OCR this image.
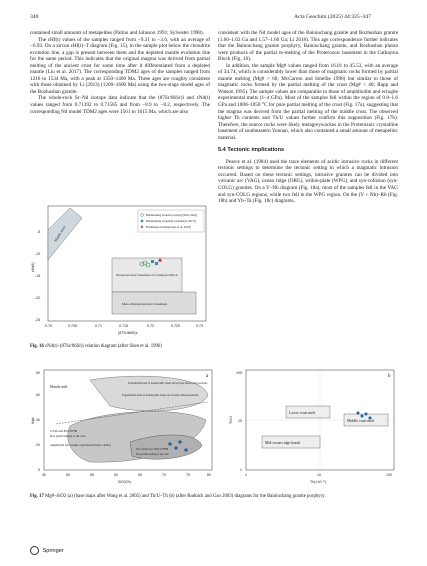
340	Acta Geochim (2025) 44:325–347

contained small amounts of metapelites (Patino and Johnson 1991; Sylvester 1998).

The εHf(t) values of the samples ranged from −9.31 to −3.6, with an average of −6.93. On a zircon εHf(t)–T diagram (Fig. 15), in the sample plot below the chondrite evolution line, a gap is present between them and the depleted mantle evolution line for the same period. This indicates that the original magma was derived from partial melting of the ancient crust for some time after it differentiated from a depleted mantle (Liu et al. 2017). The corresponding TDM2 ages of the samples ranged from 1216 to 1534 Ma, with a peak at 1350–1400 Ma. These ages are roughly consistent with those obtained by Li (2013) (1200–1600 Ma) using the two-stage model ages of the Bozhushan granite.

The whole-rock Sr–Nd isotope data indicate that the (87Sr/86Sr)i and εNd(t) values ranged from 0.71392 to 0.71585 and from −8.9 to −8.2, respectively. The corresponding Nd model TDM2 ages were 1561 to 1615 Ma, which are also

Mantle array
Neoproterozoic basement of Cathaysia Block
Meso-Paleoproterozoic basement
Bainiuchang Granite porphyry(This study)
Bainiuchang Granite(Li granite(Li 2017))
Bozhushan Granite(Chen et al. 2019)
-5
-10
-15
-20
-25
0.70	0.705	0.71	0.715	0.72	0.725	0.73
(87Sr/86Sr)i
εNd(t)
Fig. 16 εNd(t)–(87Sr/86Sr)i relation diagram (after Shen et al. 1996)

consistent with the Nd model ages of the Bainiuchang granite and Bozhushan granite (1.60–1.62 Ga and 1.57–1.66 Ga; Li 2018). This age correspondence further indicates that the Bainiuchang granite porphyry, Bainiuchang granite, and Bozhushan pluton were products of the partial re-melting of the Proterozoic basement in the Cathaysia Block (Fig. 16).

In addition, the sample Mg# values ranged from 16.01 to 45.53, with an average of 34.74, which is considerably lower than those of magmatic rocks formed by partial mantle melting (Mg# > 60; McCarron and Smellie 1998) but similar to those of magmatic rocks formed by the partial melting of the crust (Mg# < 40; Rapp and Watson 1995). The sample values are comparable to those of amphibolite and eclogite experimental melts (1–4 GPa). Most of the samples fell within the region of 0.8–1.6 GPa and 1000–1050 °C for pure partial melting of the crust (Fig. 17a), suggesting that the magma was derived from the partial melting of the middle crust. The observed higher Th contents and Th/U values further confirm this supposition (Fig. 17b). Therefore, the source rocks were likely metagreywackes in the Proterozoic crystalline basement of southeastern Yunnan, which also contained a small amount of metapelitic material.

5.4 Tectonic implications

Pearce et al. (1984) used the trace elements of acidic intrusive rocks in different tectonic settings to determine the tectonic setting in which a magmatic intrusion occurred. Based on these tectonic settings, intrusive granites can be divided into volcanic arc (VAG), ocean ridge (ORG), within-plate (WPG), and syn-collision (syn-COLG) granites. On a Y–Nb diagram (Fig. 18a), most of the samples fell in the VAG and syn-COLG regions, while two fell in the WPG region. On the (Y + Nb)–Rb (Fig. 18b) and Yb–Ta (Fig. 18c) diagrams,

a
Mantle melt
Experimental melt of metamorphic basalt and eclogite mixed with peridotite
Experimental melts of metamorphic basalt and eclogite without peridotite
0.7GPa and 825~950℃
Pure partial melting of the crust
Amphibolite and eclogite experimental melt(1~4GPa)
0.8~1.6GPa and 1000~1050℃
Pure partial melting of the crust
0
20
40
60
80
45	50	55	60	65	70	75	80
SiO2(%)
Mg#
Lower crust melt
Middle crust melt
Mid-ocean ridge basalt
b
1
10
100
1	10	100
Th(×10⁻⁶)
Th/U
Fig. 17 Mg#–SiO2 (a) (base maps after Wang et al. 2005) and Th/U–Th (b) (after Rudnick and Gao 2003) diagrams for the Bainiuchang granite porphyry.
Springer
